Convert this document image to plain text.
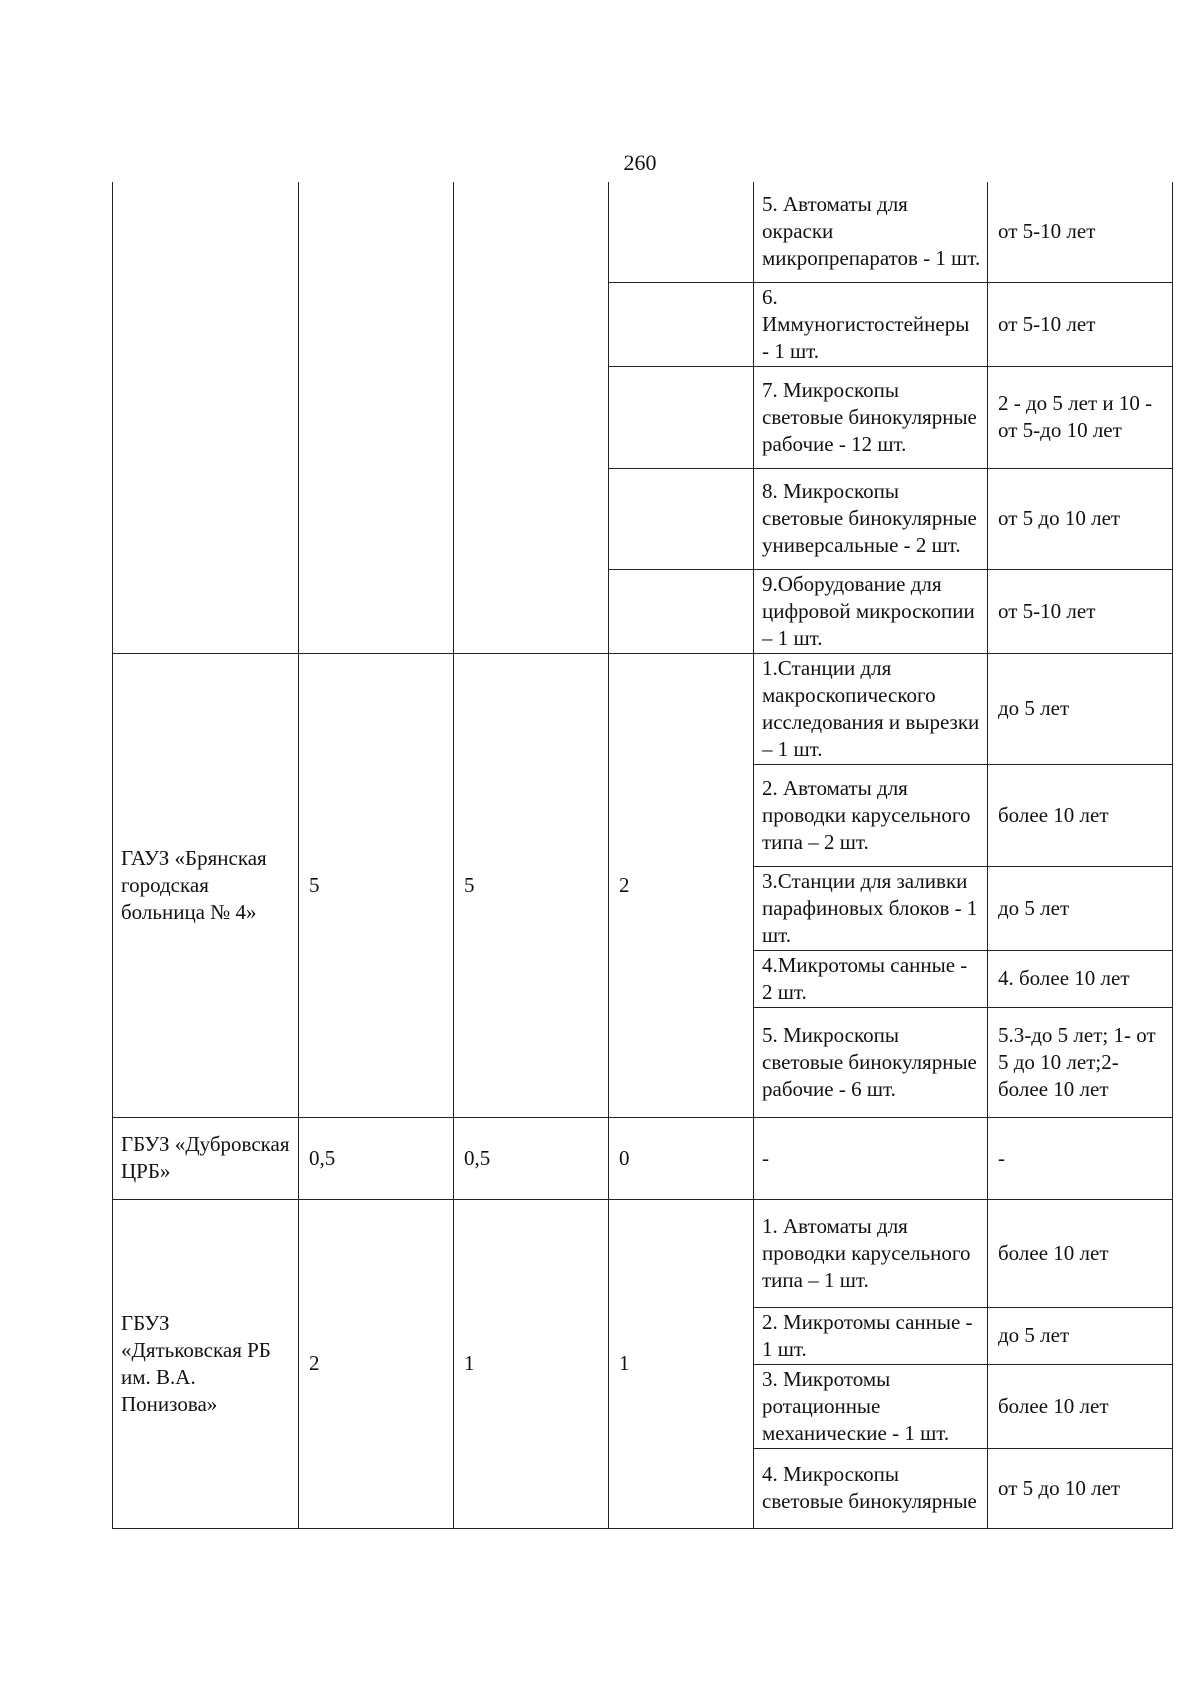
260
				5. Автоматы для окраски микропрепаратов - 1 шт.	от 5-10 лет
				6. Иммуногистостейнеры - 1 шт.	от 5-10 лет
				7. Микроскопы световые бинокулярные рабочие - 12 шт.	2 - до 5 лет и 10 - от 5-до 10 лет
				8. Микроскопы световые бинокулярные универсальные - 2 шт.	от 5 до 10 лет
				9.Оборудование для цифровой микроскопии – 1 шт.	от 5-10 лет
ГАУЗ «Брянская городская больница № 4»	5	5	2	1.Станции для макроскопического исследования и вырезки – 1 шт.	до 5 лет
				2. Автоматы для проводки карусельного типа – 2 шт.	более 10 лет
				3.Станции для заливки парафиновых блоков - 1 шт.	до 5 лет
				4.Микротомы санные - 2 шт.	4. более 10 лет
				5. Микроскопы световые бинокулярные рабочие - 6 шт.	5.3-до 5 лет; 1- от 5 до 10 лет;2- более 10 лет
ГБУЗ «Дубровская ЦРБ»	0,5	0,5	0	-	-
ГБУЗ «Дятьковская РБ им. В.А. Понизова»	2	1	1	1. Автоматы для проводки карусельного типа – 1 шт.	более 10 лет
				2. Микротомы санные - 1 шт.	до 5 лет
				3. Микротомы ротационные механические - 1 шт.	более 10 лет
				4. Микроскопы световые бинокулярные	от 5 до 10 лет
